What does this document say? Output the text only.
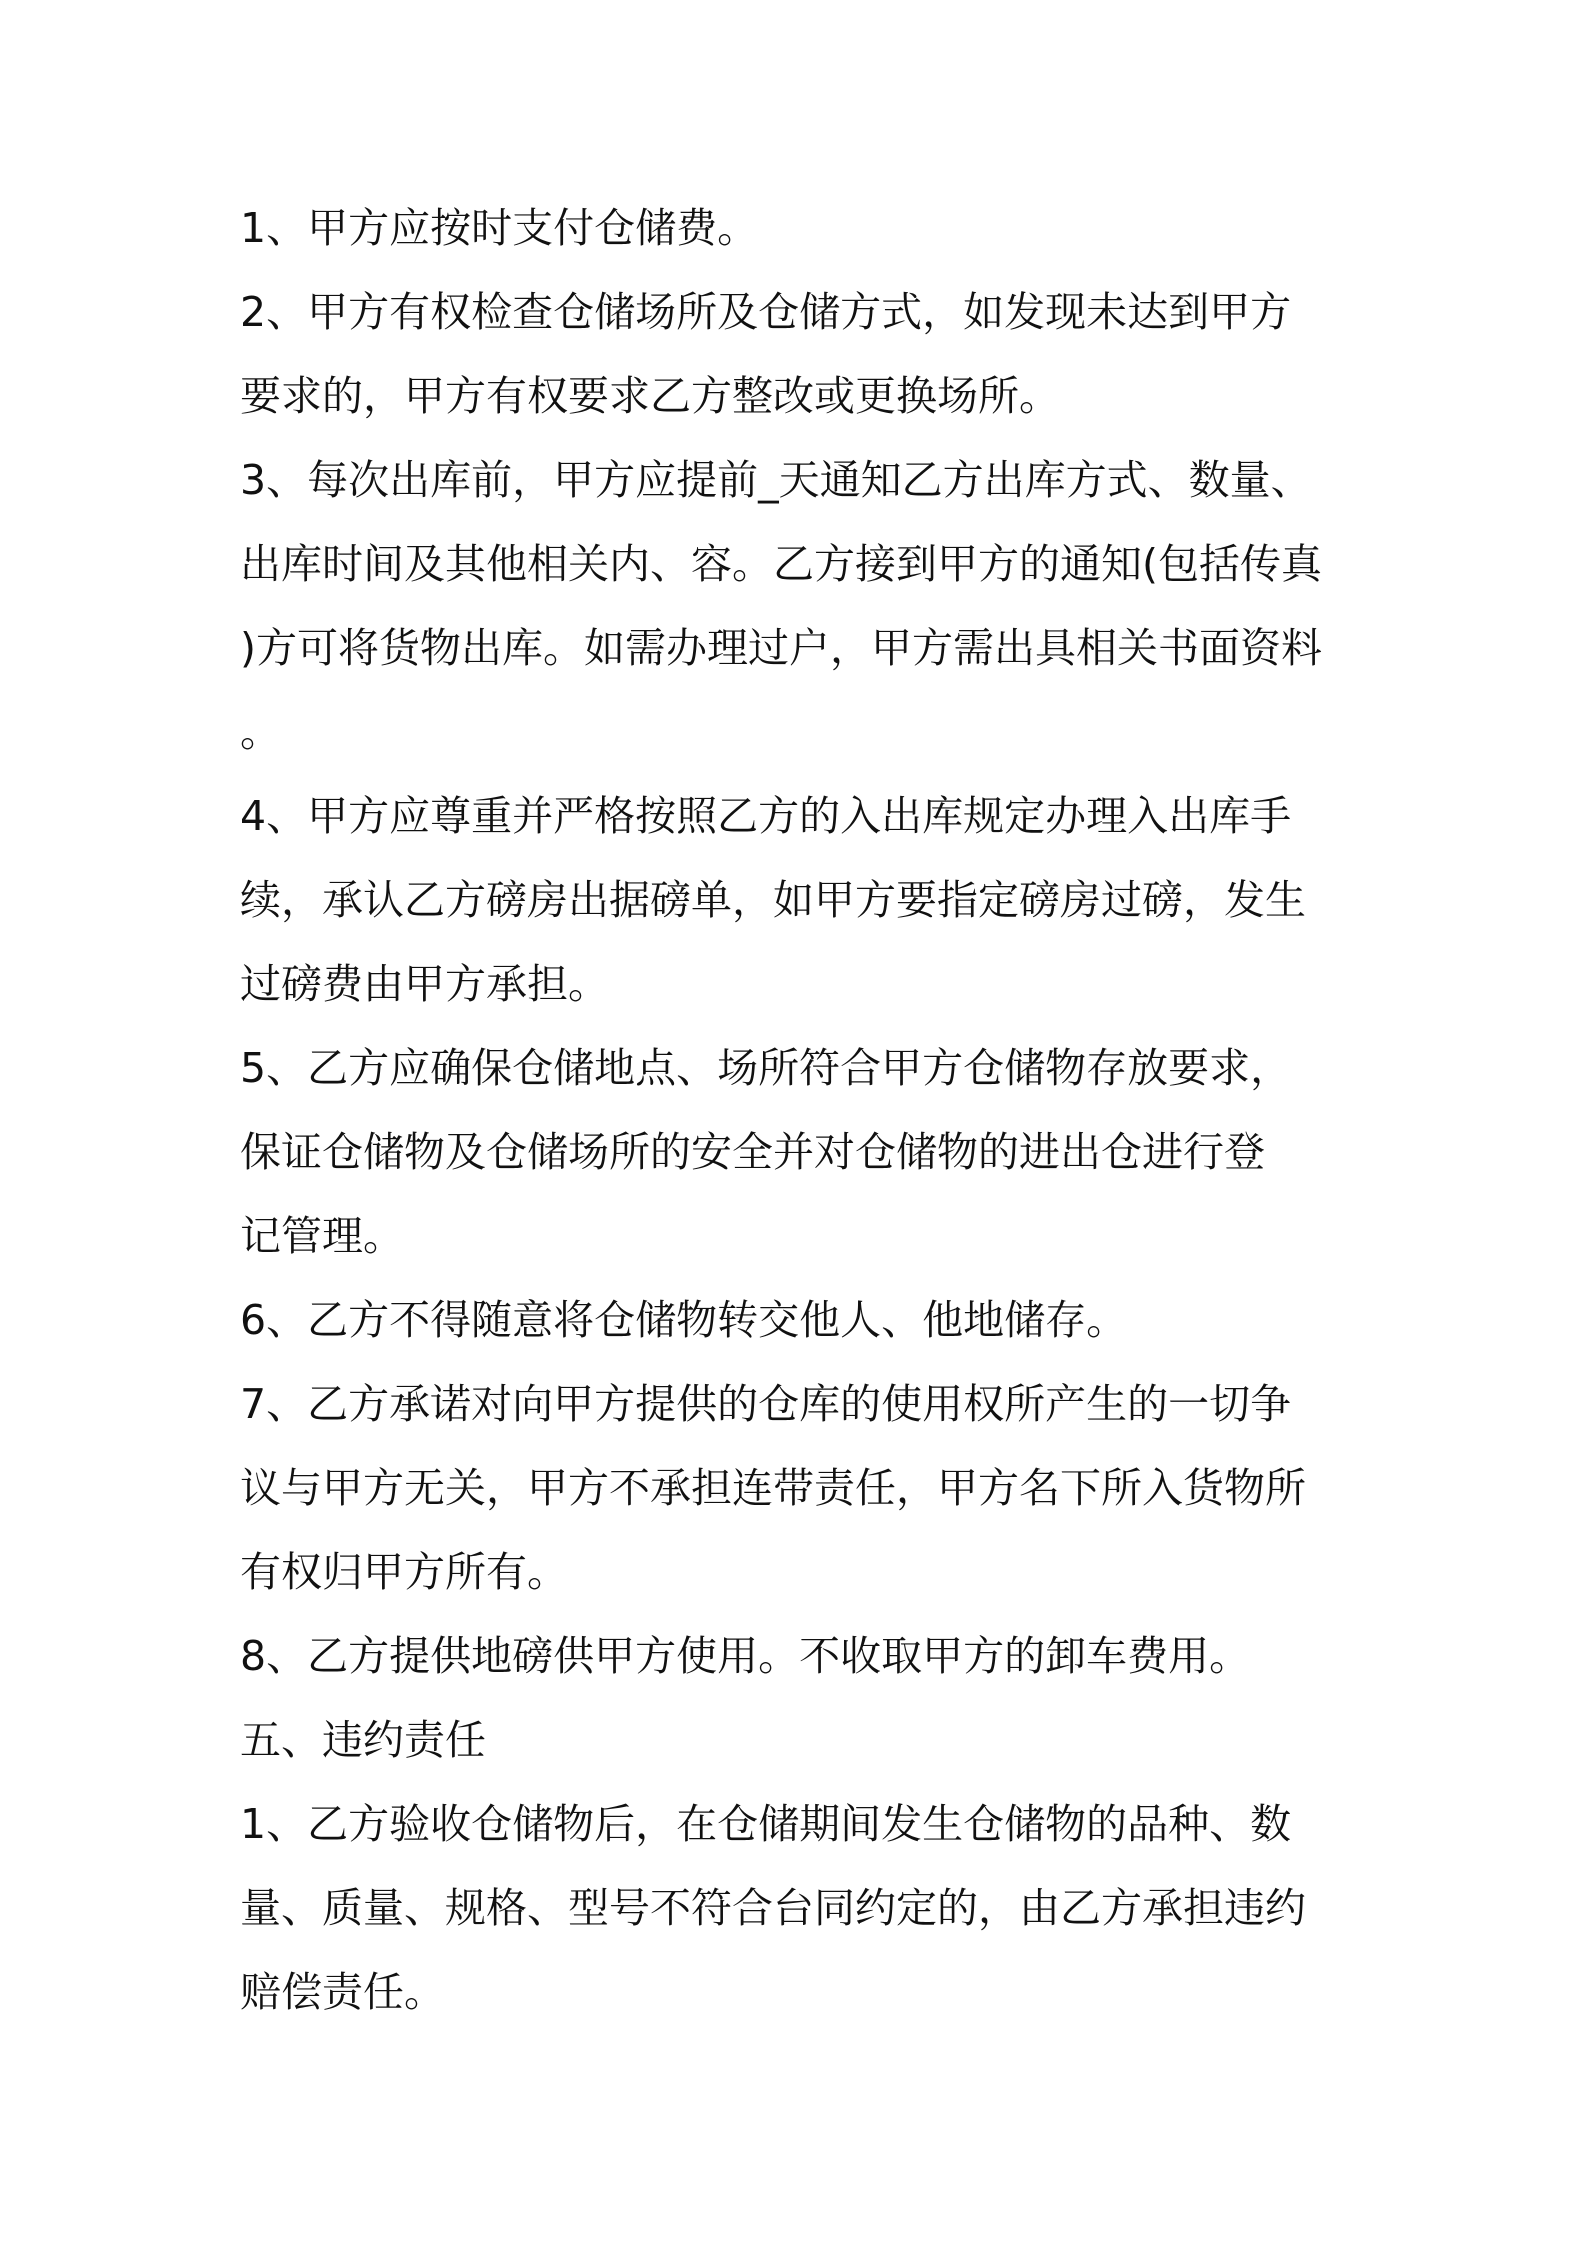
1、甲方应按时支付仓储费。
2、甲方有权检查仓储场所及仓储方式，如发现未达到甲方
要求的，甲方有权要求乙方整改或更换场所。
3、每次出库前，甲方应提前_天通知乙方出库方式、数量、
出库时间及其他相关内、容。乙方接到甲方的通知(包括传真
)方可将货物出库。如需办理过户，甲方需出具相关书面资料
。
4、甲方应尊重并严格按照乙方的入出库规定办理入出库手
续，承认乙方磅房出据磅单，如甲方要指定磅房过磅，发生
过磅费由甲方承担。
5、乙方应确保仓储地点、场所符合甲方仓储物存放要求，
保证仓储物及仓储场所的安全并对仓储物的进出仓进行登
记管理。
6、乙方不得随意将仓储物转交他人、他地储存。
7、乙方承诺对向甲方提供的仓库的使用权所产生的一切争
议与甲方无关，甲方不承担连带责任，甲方名下所入货物所
有权归甲方所有。
8、乙方提供地磅供甲方使用。不收取甲方的卸车费用。
五、违约责任
1、乙方验收仓储物后，在仓储期间发生仓储物的品种、数
量、质量、规格、型号不符合台同约定的，由乙方承担违约
赔偿责任。
